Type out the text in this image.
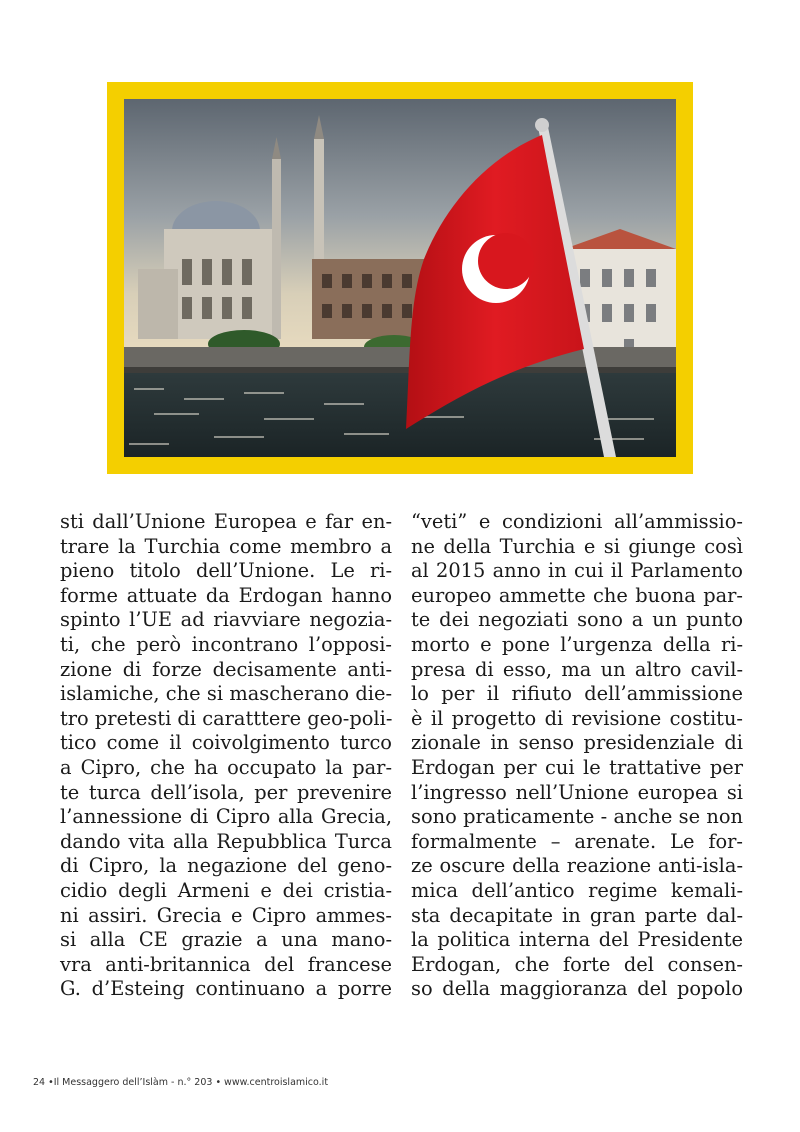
sti dall’Unione Europea e far en-
trare la Turchia come membro a
pieno titolo dell’Unione. Le ri-
forme attuate da Erdogan hanno
spinto l’UE ad riavviare negozia-
ti, che però incontrano l’opposi-
zione di forze decisamente anti-
islamiche, che si mascherano die-
tro pretesti di caratttere geo-poli-
tico come il coivolgimento turco
a Cipro, che ha occupato la par-
te turca dell’isola, per prevenire
l’annessione di Cipro alla Grecia,
dando vita alla Repubblica Turca
di Cipro, la negazione del geno-
cidio degli Armeni e dei cristia-
ni assiri. Grecia e Cipro ammes-
si alla CE grazie a una mano-
vra anti-britannica del francese
G. d’Esteing continuano a porre
“veti” e condizioni all’ammissio-
ne della Turchia e si giunge così
al 2015 anno in cui il Parlamento
europeo ammette che buona par-
te dei negoziati sono a un punto
morto e pone l’urgenza della ri-
presa di esso, ma un altro cavil-
lo per il rifiuto dell’ammissione
è il progetto di revisione costitu-
zionale in senso presidenziale di
Erdogan per cui le trattative per
l’ingresso nell’Unione europea si
sono praticamente - anche se non
formalmente – arenate. Le for-
ze oscure della reazione anti-isla-
mica dell’antico regime kemali-
sta decapitate in gran parte dal-
la politica interna del Presidente
Erdogan, che forte del consen-
so della maggioranza del popolo
24 •Il Messaggero dell’Islàm - n.° 203 • www.centroislamico.it
